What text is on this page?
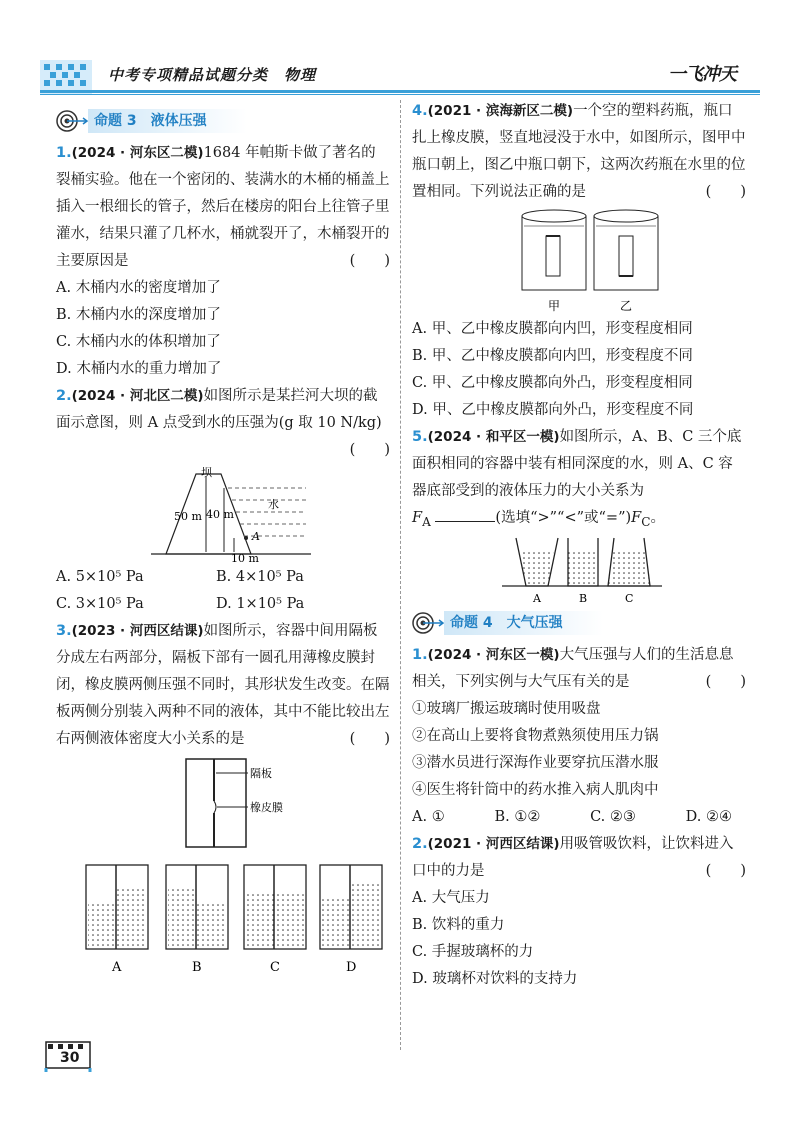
中考专项精品试题分类　物理	一飞冲天
命题 3　液体压强

1.(2024 · 河东区二模)1684 年帕斯卡做了著名的裂桶实验。他在一个密闭的、装满水的木桶的桶盖上插入一根细长的管子，然后在楼房的阳台上往管子里灌水，结果只灌了几杯水，桶就裂开了，木桶裂开的主要原因是	(　　)

A. 木桶内水的密度增加了

B. 木桶内水的深度增加了

C. 木桶内水的体积增加了

D. 木桶内水的重力增加了

2.(2024 · 河北区二模)如图所示是某拦河大坝的截面示意图，则 A 点受到水的压强为(g 取 10 N/kg)
(　　)

坝
水
50 m 40 m
A
10 m
A. 5×10⁵ Pa	B. 4×10⁵ Pa
C. 3×10⁵ Pa	D. 1×10⁵ Pa

3.(2023 · 河西区结课)如图所示，容器中间用隔板分成左右两部分，隔板下部有一圆孔用薄橡皮膜封闭，橡皮膜两侧压强不同时，其形状发生改变。在隔板两侧分别装入两种不同的液体，其中不能比较出左右两侧液体密度大小关系的是	(　　)

隔板
橡皮膜
A	B	C	D

4.(2021 · 滨海新区二模)一个空的塑料药瓶，瓶口扎上橡皮膜，竖直地浸没于水中，如图所示，图甲中瓶口朝上，图乙中瓶口朝下，这两次药瓶在水里的位置相同。下列说法正确的是	(　　)

甲	乙

A. 甲、乙中橡皮膜都向内凹，形变程度相同

B. 甲、乙中橡皮膜都向内凹，形变程度不同

C. 甲、乙中橡皮膜都向外凸，形变程度相同

D. 甲、乙中橡皮膜都向外凸，形变程度不同

5.(2024 · 和平区一模)如图所示，A、B、C 三个底面积相同的容器中装有相同深度的水，则 A、C 容器底部受到的液体压力的大小关系为

$F_A$	(选填“>”“<”或“$=”)F_C$。

A	B	C
命题 4　大气压强

1.(2024 · 河东区一模)大气压强与人们的生活息息相关，下列实例与大气压有关的是	(　　)

①玻璃厂搬运玻璃时使用吸盘

②在高山上要将食物煮熟须使用压力锅

③潜水员进行深海作业要穿抗压潜水服

④医生将针筒中的药水推入病人肌肉中

A. ①	B. ①②	C. ②③	D. ②④

2.(2021 · 河西区结课)用吸管吸饮料，让饮料进入口中的力是	(　　)

A. 大气压力

B. 饮料的重力

C. 手握玻璃杯的力

D. 玻璃杯对饮料的支持力

30
